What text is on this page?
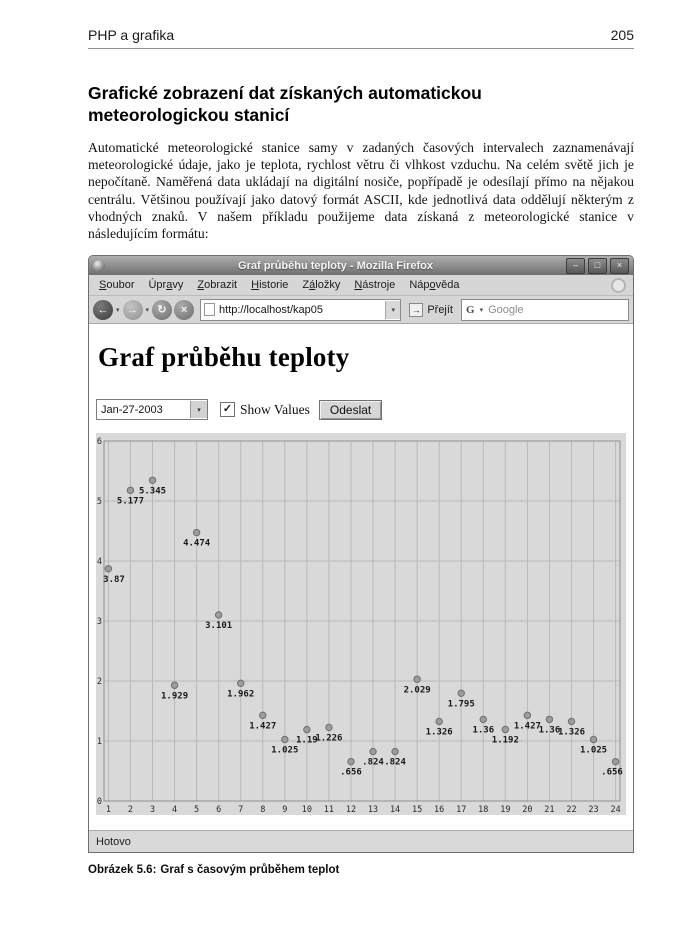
PHP a grafika	205
Grafické zobrazení dat získaných automatickou meteorologickou stanicí

Automatické meteorologické stanice samy v zadaných časových intervalech zaznamenávají meteorologické údaje, jako je teplota, rychlost větru či vlhkost vzduchu. Na celém světě jich je nepočítaně. Naměřená data ukládají na digitální nosiče, popřípadě je odesílají přímo na nějakou centrálu. Většinou používají jako datový formát ASCII, kde jednotlivá data oddělují některým z vhodných znaků. V našem příkladu použijeme data získaná z meteorologické stanice v následujícím formátu:

Graf průběhu teploty - Mozilla Firefox	–	□	×
Soubor	Úpravy	Zobrazit	Historie	Záložky	Nástroje	Nápověda
←	▾ →	▾ ↻	×	http://localhost/kap05	▾	→ Přejít G ▾ Google
Graf průběhu teploty
Jan-27-2003	▾	✓ Show Values	Odeslat
0
1
2
3
4
5
6
1 2 3 4 5 6 7 8 9 10 11 12 13 14 15 16 17 18 19 20 21 22 23 24
3.87
5.177
5.345
1.929
4.474
3.101
1.962
1.427
1.025
1.19
1.226
.656
.824 .824
2.029
1.326
1.795
1.36
1.192
1.427
1.36
1.326
1.025
.656
Hotovo

Obrázek 5.6: Graf s časovým průběhem teplot
